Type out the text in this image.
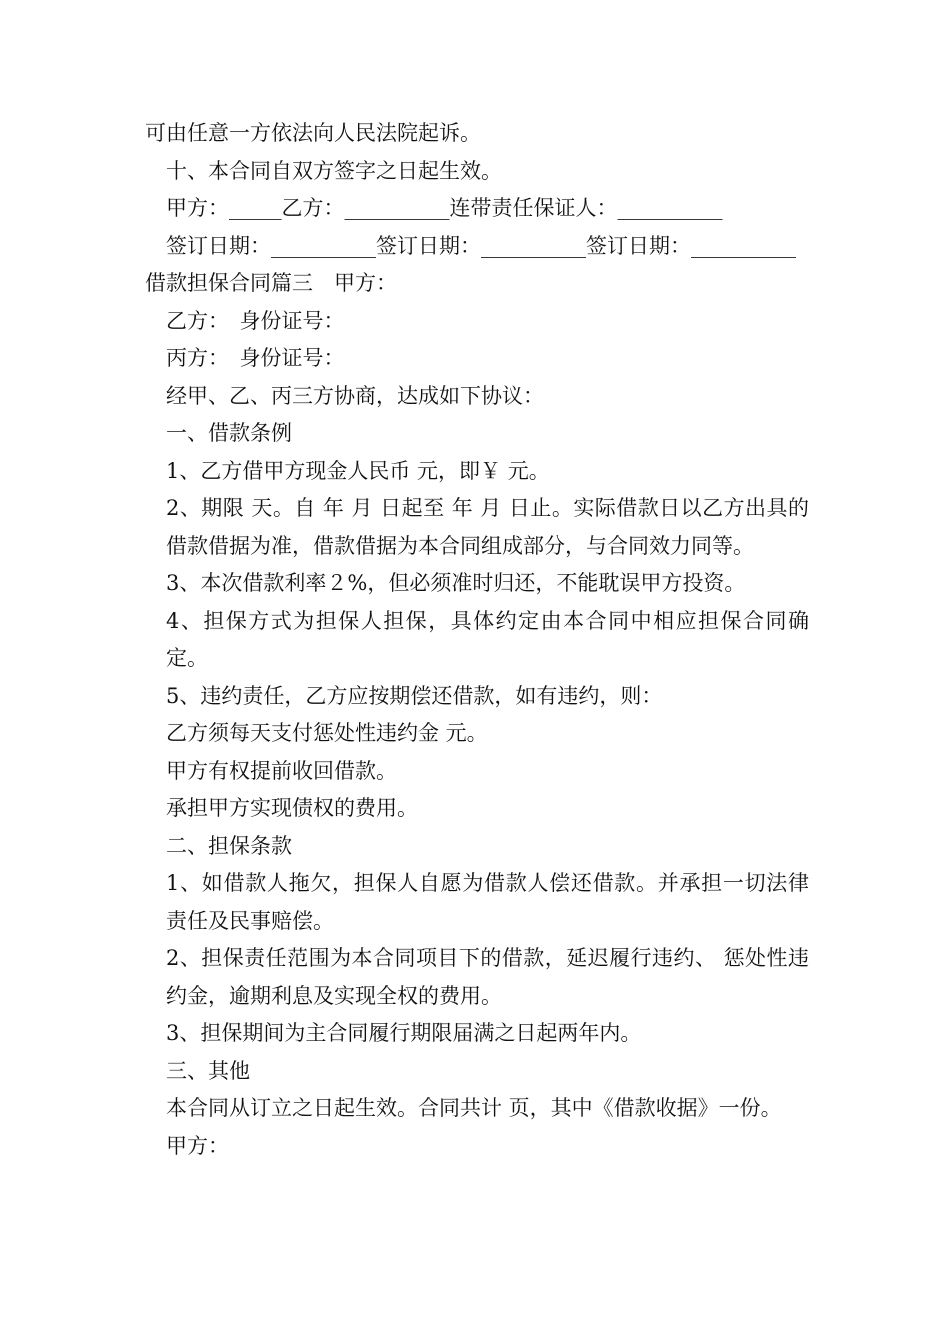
可由任意一方依法向人民法院起诉。
十、本合同自双方签字之日起生效。
甲方：_____乙方：__________连带责任保证人：__________
签订日期：__________签订日期：__________签订日期：__________
借款担保合同篇三　甲方：
乙方：　身份证号：
丙方：　身份证号：
经甲、乙、丙三方协商，达成如下协议：
一、借款条例
1、乙方借甲方现金人民币 元，即￥ 元。
2、期限 天。自 年 月 日起至 年 月 日止。实际借款日以乙方出具的借款借据为准，借款借据为本合同组成部分，与合同效力同等。
3、本次借款利率２%，但必须准时归还，不能耽误甲方投资。
4、担保方式为担保人担保，具体约定由本合同中相应担保合同确定。
5、违约责任，乙方应按期偿还借款，如有违约，则：
乙方须每天支付惩处性违约金 元。
甲方有权提前收回借款。
承担甲方实现债权的费用。
二、担保条款
1、如借款人拖欠，担保人自愿为借款人偿还借款。并承担一切法律责任及民事赔偿。
2、担保责任范围为本合同项目下的借款，延迟履行违约、 惩处性违约金，逾期利息及实现全权的费用。
3、担保期间为主合同履行期限届满之日起两年内。
三、其他
本合同从订立之日起生效。合同共计 页，其中《借款收据》一份。
甲方：
